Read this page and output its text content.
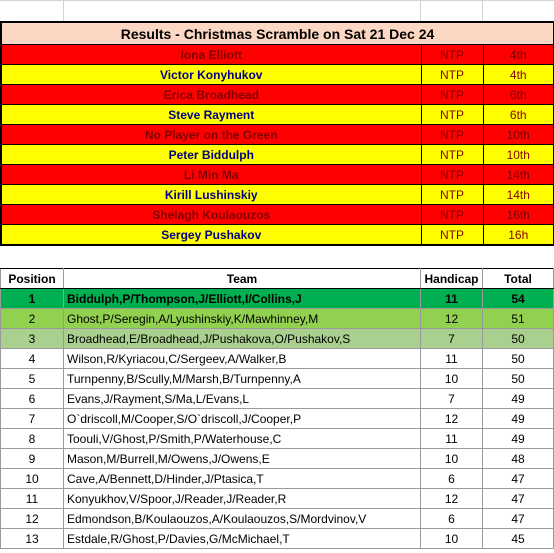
Results - Christmas Scramble on Sat 21 Dec 24		
Iona Elliott	NTP	4th
Victor Konyhukov	NTP	4th
Erica Broadhead	NTP	6th
Steve Rayment	NTP	6th
No Player on the Green	NTP	10th
Peter Biddulph	NTP	10th
Li Min Ma	NTP	14th
Kirill Lushinskiy	NTP	14th
Shelagh Koulaouzos	NTP	16th
Sergey Pushakov	NTP	16h
Position	Team	Handicap	Total
1	Biddulph,P/Thompson,J/Elliott,I/Collins,J	11	54
2	Ghost,P/Seregin,A/Lyushinskiy,K/Mawhinney,M	12	51
3	Broadhead,E/Broadhead,J/Pushakova,O/Pushakov,S	7	50
4	Wilson,R/Kyriacou,C/Sergeev,A/Walker,B	11	50
5	Turnpenny,B/Scully,M/Marsh,B/Turnpenny,A	10	50
6	Evans,J/Rayment,S/Ma,L/Evans,L	7	49
7	O`driscoll,M/Cooper,S/O`driscoll,J/Cooper,P	12	49
8	Toouli,V/Ghost,P/Smith,P/Waterhouse,C	11	49
9	Mason,M/Burrell,M/Owens,J/Owens,E	10	48
10	Cave,A/Bennett,D/Hinder,J/Ptasica,T	6	47
11	Konyukhov,V/Spoor,J/Reader,J/Reader,R	12	47
12	Edmondson,B/Koulaouzos,A/Koulaouzos,S/Mordvinov,V	6	47
13	Estdale,R/Ghost,P/Davies,G/McMichael,T	10	45
